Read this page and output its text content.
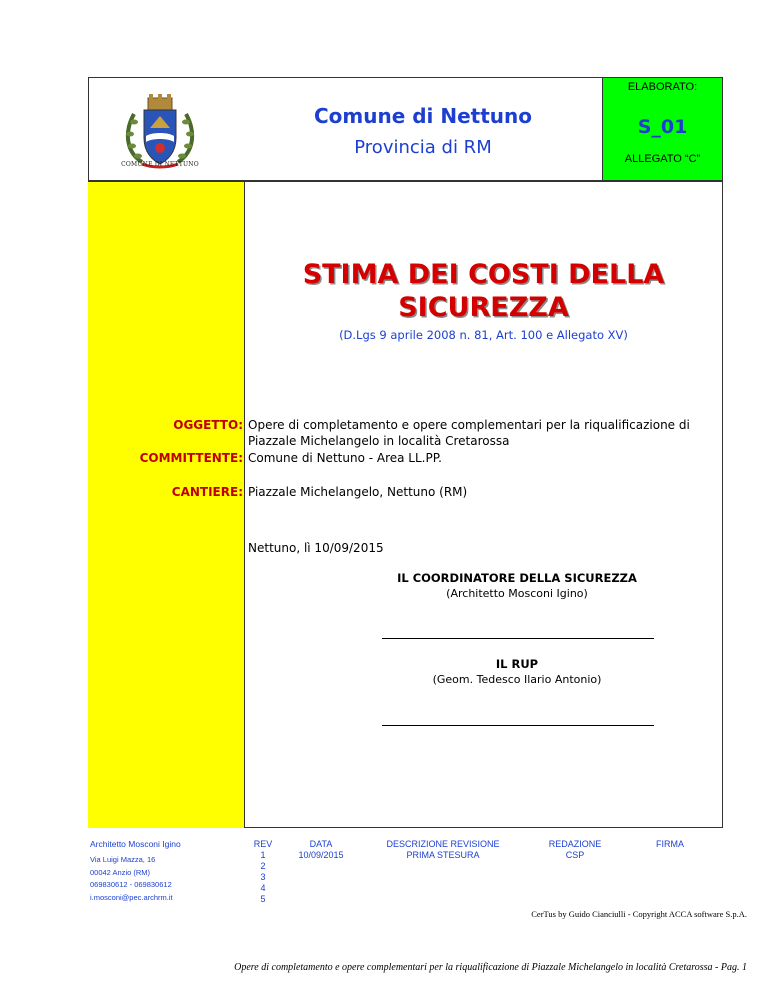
COMUNE DI NETTUNO
Comune di Nettuno
Provincia di RM
ELABORATO:
S_01
ALLEGATO “C”
STIMA DEI COSTI DELLA
SICUREZZA
(D.Lgs 9 aprile 2008 n. 81, Art. 100 e Allegato XV)
OGGETTO: Opere di completamento e opere complementari per la riqualificazione di
Piazzale Michelangelo in località Cretarossa
COMMITTENTE: Comune di Nettuno - Area LL.PP.
CANTIERE: Piazzale Michelangelo, Nettuno (RM)
Nettuno, lì 10/09/2015
IL COORDINATORE DELLA SICUREZZA
(Architetto Mosconi Igino)
IL RUP
(Geom. Tedesco Ilario Antonio)
Architetto Mosconi Igino
Via Luigi Mazza, 16
00042 Anzio (RM)
069830612 - 069830612
i.mosconi@pec.archrm.it
REV
1
2
3
4
5
DATA
10/09/2015
DESCRIZIONE REVISIONE
PRIMA STESURA
REDAZIONE
CSP
FIRMA
CerTus by Guido Cianciulli - Copyright ACCA software S.p.A.
Opere di completamento e opere complementari per la riqualificazione di Piazzale Michelangelo in località Cretarossa - Pag. 1
